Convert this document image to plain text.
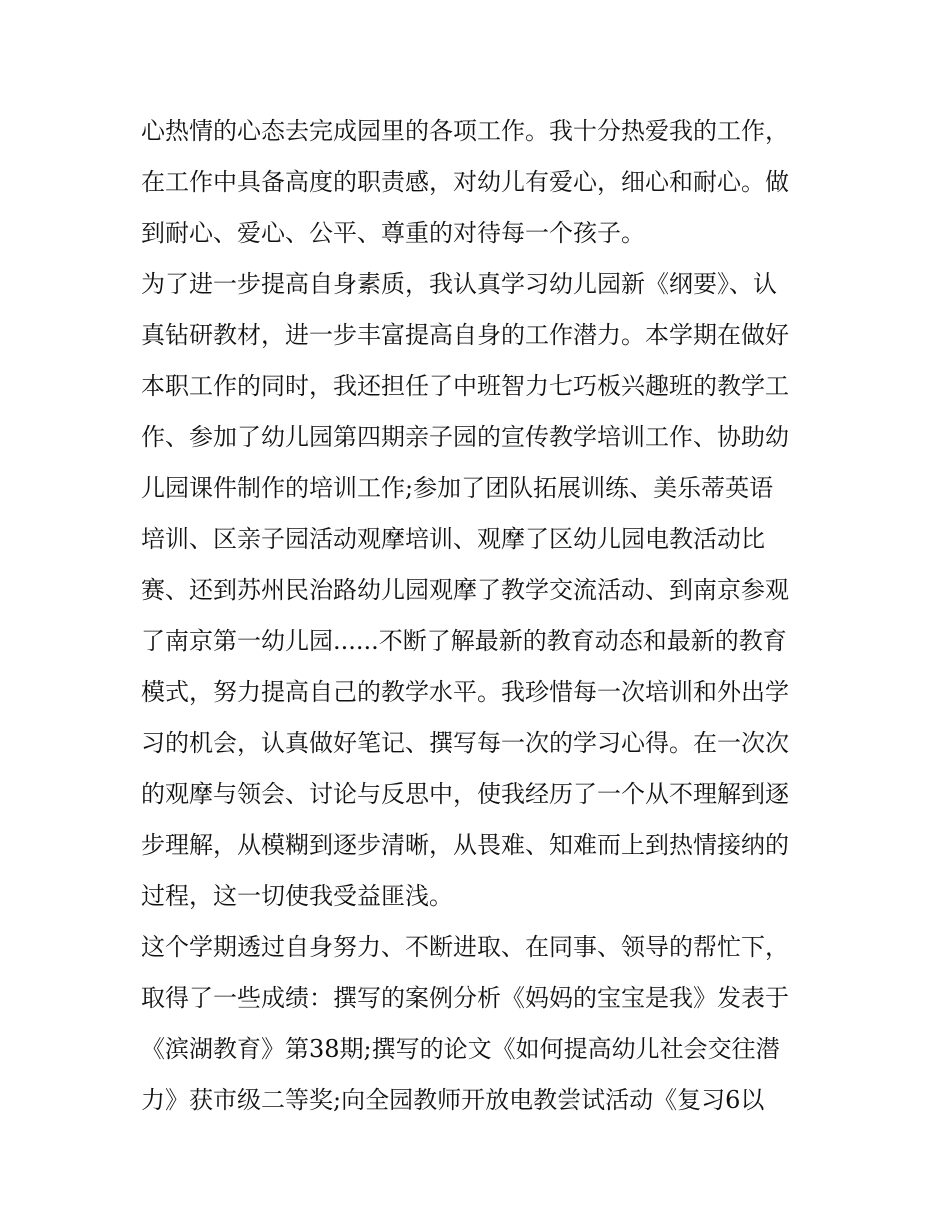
心热情的心态去完成园里的各项工作。我十分热爱我的工作，
在工作中具备高度的职责感，对幼儿有爱心，细心和耐心。做
到耐心、爱心、公平、尊重的对待每一个孩子。
为了进一步提高自身素质，我认真学习幼儿园新《纲要》、认
真钻研教材，进一步丰富提高自身的工作潜力。本学期在做好
本职工作的同时，我还担任了中班智力七巧板兴趣班的教学工
作、参加了幼儿园第四期亲子园的宣传教学培训工作、协助幼
儿园课件制作的培训工作;参加了团队拓展训练、美乐蒂英语
培训、区亲子园活动观摩培训、观摩了区幼儿园电教活动比
赛、还到苏州民治路幼儿园观摩了教学交流活动、到南京参观
了南京第一幼儿园......不断了解最新的教育动态和最新的教育
模式，努力提高自己的教学水平。我珍惜每一次培训和外出学
习的机会，认真做好笔记、撰写每一次的学习心得。在一次次
的观摩与领会、讨论与反思中，使我经历了一个从不理解到逐
步理解，从模糊到逐步清晰，从畏难、知难而上到热情接纳的
过程，这一切使我受益匪浅。
这个学期透过自身努力、不断进取、在同事、领导的帮忙下，
取得了一些成绩：撰写的案例分析《妈妈的宝宝是我》发表于
《滨湖教育》第38期;撰写的论文《如何提高幼儿社会交往潜
力》获市级二等奖;向全园教师开放电教尝试活动《复习6以
